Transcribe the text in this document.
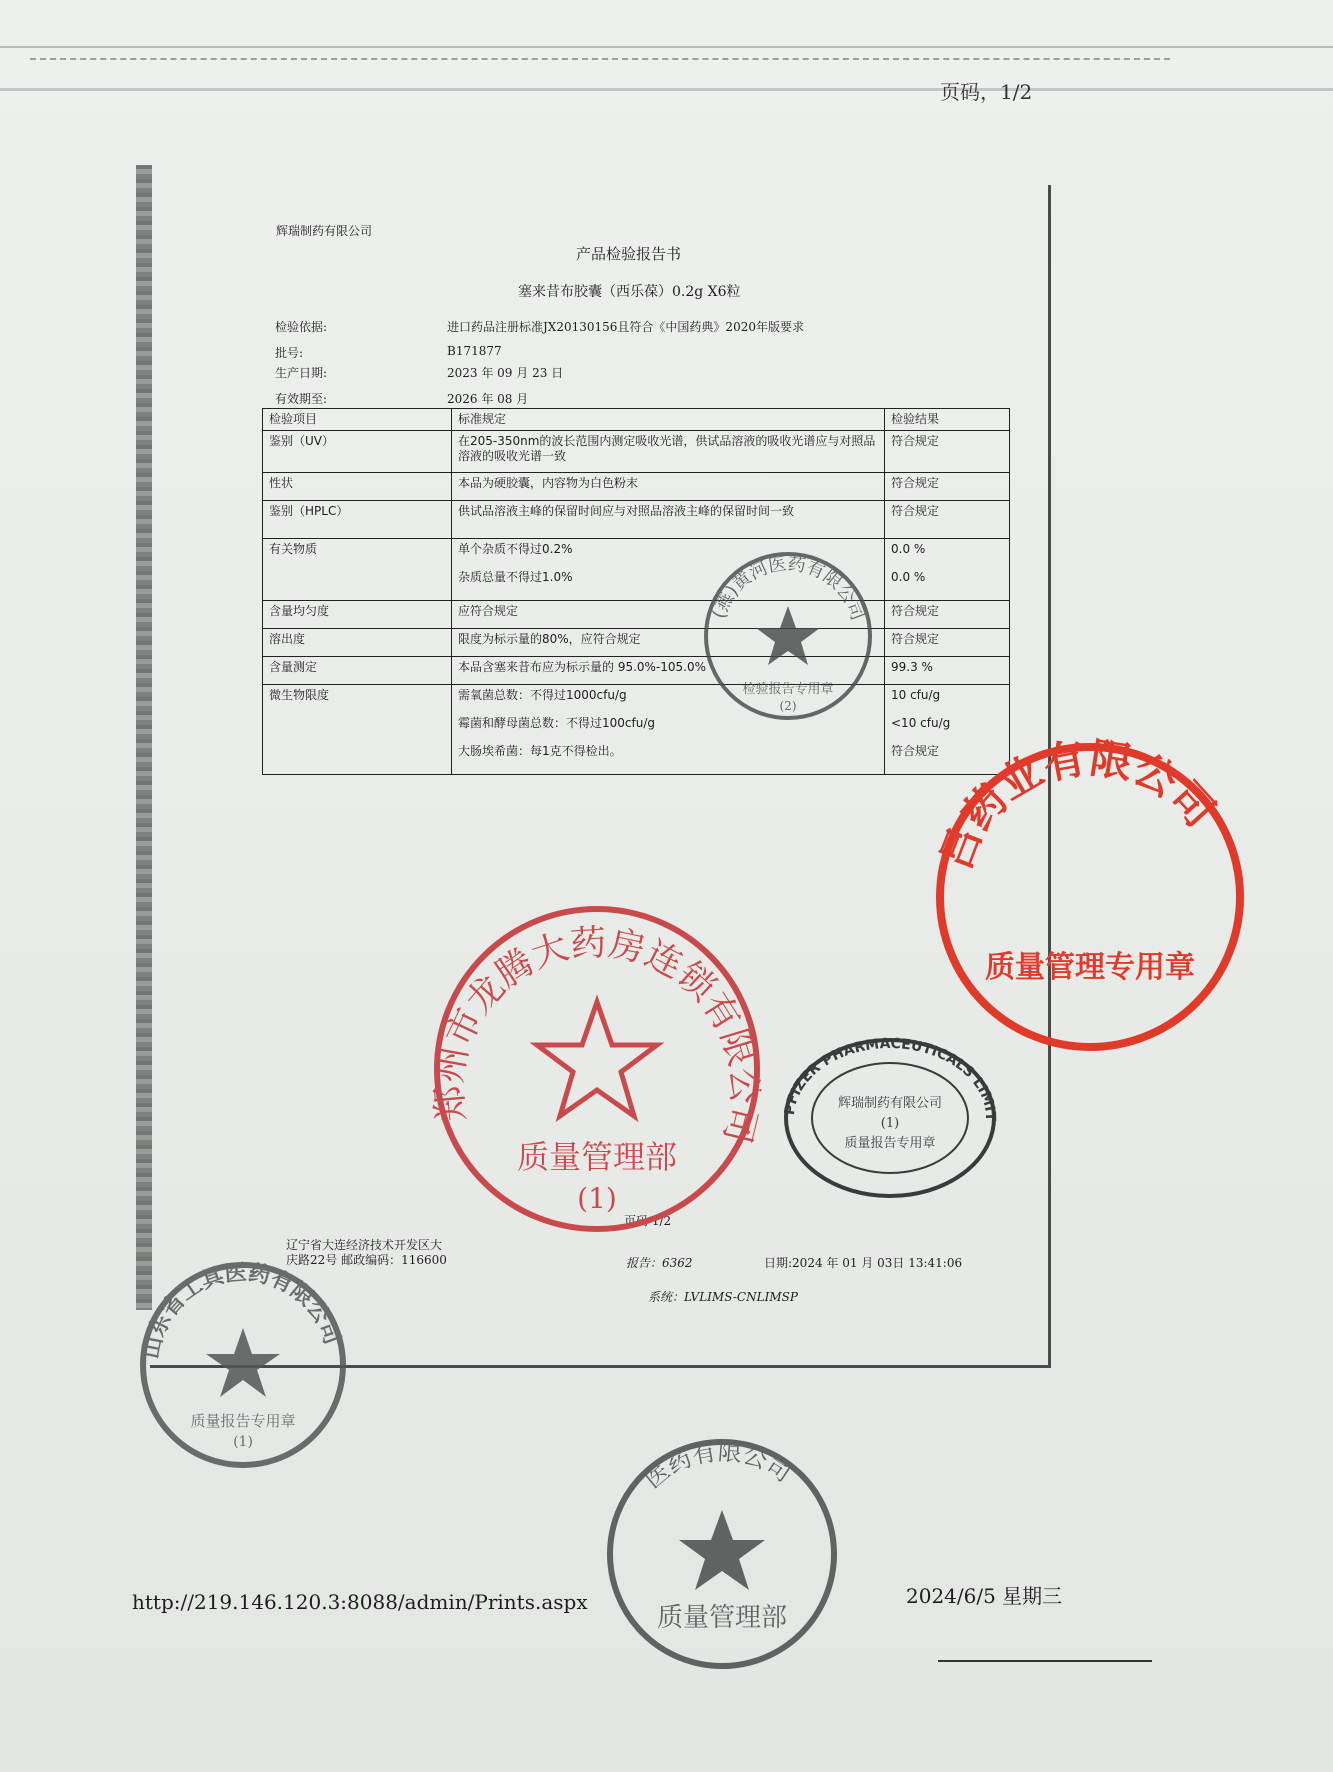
页码，1/2
辉瑞制药有限公司
产品检验报告书
塞来昔布胶囊（西乐葆）0.2g X6粒
检验依据:	进口药品注册标准JX20130156且符合《中国药典》2020年版要求
批号:	B171877
生产日期:	2023 年 09 月 23 日
有效期至:	2026 年 08 月
检验项目	标准规定	检验结果
鉴别（UV）	在205-350nm的波长范围内测定吸收光谱，供试品溶液的吸收光谱应与对照品溶液的吸收光谱一致	符合规定
性状	本品为硬胶囊，内容物为白色粉末	符合规定
鉴别（HPLC）	供试品溶液主峰的保留时间应与对照品溶液主峰的保留时间一致	符合规定
有关物质	单个杂质不得过0.2%	0.0 %
	杂质总量不得过1.0%	0.0 %
含量均匀度	应符合规定	符合规定
溶出度	限度为标示量的80%，应符合规定	符合规定
含量测定	本品含塞来昔布应为标示量的 95.0%-105.0%	99.3 %
微生物限度	需氧菌总数：不得过1000cfu/g	10 cfu/g
	霉菌和酵母菌总数：不得过100cfu/g	<10 cfu/g
	大肠埃希菌：每1克不得检出。	符合规定
页码 1/2
辽宁省大连经济技术开发区大
庆路22号 邮政编码：116600	报告：6362	日期:2024 年 01 月 03日 13:41:06
系统：LVLIMS-CNLIMSP
http://219.146.120.3:8088/admin/Prints.aspx	2024/6/5 星期三
(燕)黄河医药有限公司
检验报告专用章
(2)
吕药业有限公司
质量管理专用章
郑州市龙腾大药房连锁有限公司
质量管理部
(1)
PFIZER PHARMACEUTICALS LIMITED
辉瑞制药有限公司
(1)
质量报告专用章
山东省工具医药有限公司
质量报告专用章
(1)
医药有限公司
质量管理部
